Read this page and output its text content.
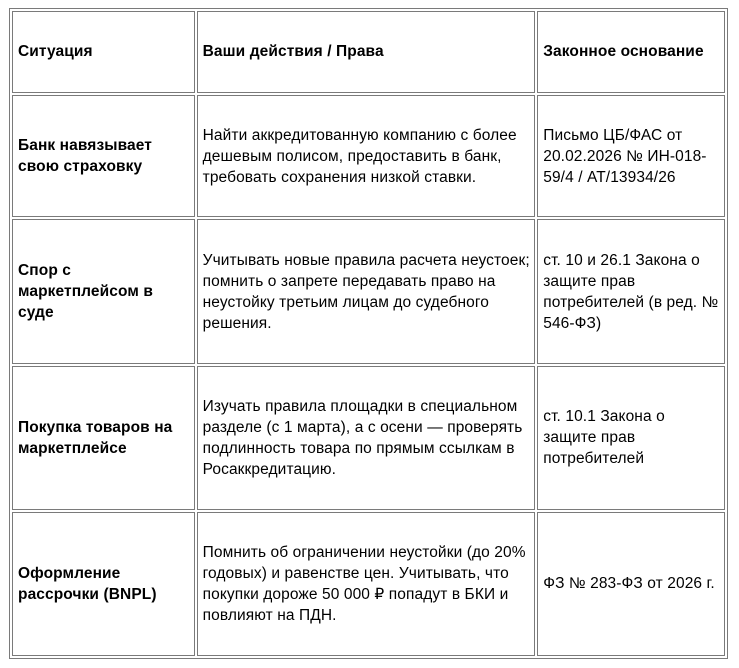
Ситуация	Ваши действия / Права	Законное основание
Банк навязывает свою страховку	Найти аккредитованную компанию с более дешевым полисом, предоставить в банк, требовать сохранения низкой ставки.	Письмо ЦБ/ФАС от 20.02.2026 № ИН-018-59/4 / АТ/13934/26
Спор с маркетплейсом в суде	Учитывать новые правила расчета неустоек; помнить о запрете передавать право на неустойку третьим лицам до судебного решения.	ст. 10 и 26.1 Закона о защите прав потребителей (в ред. № 546-ФЗ)
Покупка товаров на маркетплейсе	Изучать правила площадки в специальном разделе (с 1 марта), а с осени — проверять подлинность товара по прямым ссылкам в Росаккредитацию.	ст. 10.1 Закона о защите прав потребителей
Оформление рассрочки (BNPL)	Помнить об ограничении неустойки (до 20% годовых) и равенстве цен. Учитывать, что покупки дороже 50 000 ₽ попадут в БКИ и повлияют на ПДН.	ФЗ № 283-ФЗ от 2026 г.
